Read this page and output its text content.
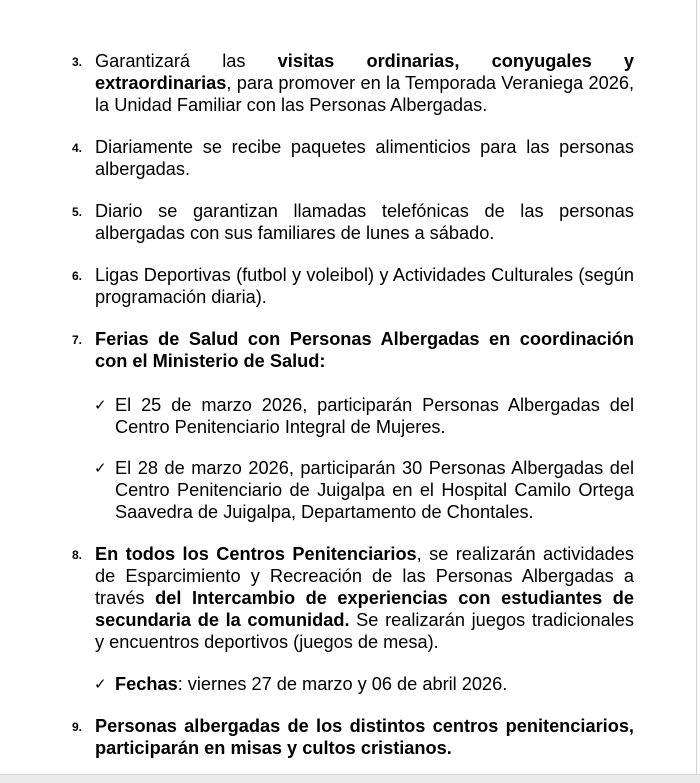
3. Garantizará las visitas ordinarias, conyugales y extraordinarias, para promover en la Temporada Veraniega 2026, la Unidad Familiar con las Personas Albergadas.
4. Diariamente se recibe paquetes alimenticios para las personas albergadas.
5. Diario se garantizan llamadas telefónicas de las personas albergadas con sus familiares de lunes a sábado.
6. Ligas Deportivas (futbol y voleibol) y Actividades Culturales (según programación diaria).
7. Ferias de Salud con Personas Albergadas en coordinación con el Ministerio de Salud:
✓ El 25 de marzo 2026, participarán Personas Albergadas del Centro Penitenciario Integral de Mujeres.
✓ El 28 de marzo 2026, participarán 30 Personas Albergadas del Centro Penitenciario de Juigalpa en el Hospital Camilo Ortega Saavedra de Juigalpa, Departamento de Chontales.
8. En todos los Centros Penitenciarios, se realizarán actividades de Esparcimiento y Recreación de las Personas Albergadas a través del Intercambio de experiencias con estudiantes de secundaria de la comunidad. Se realizarán juegos tradicionales y encuentros deportivos (juegos de mesa).
✓ Fechas: viernes 27 de marzo y 06 de abril 2026.
9. Personas albergadas de los distintos centros penitenciarios, participarán en misas y cultos cristianos.
